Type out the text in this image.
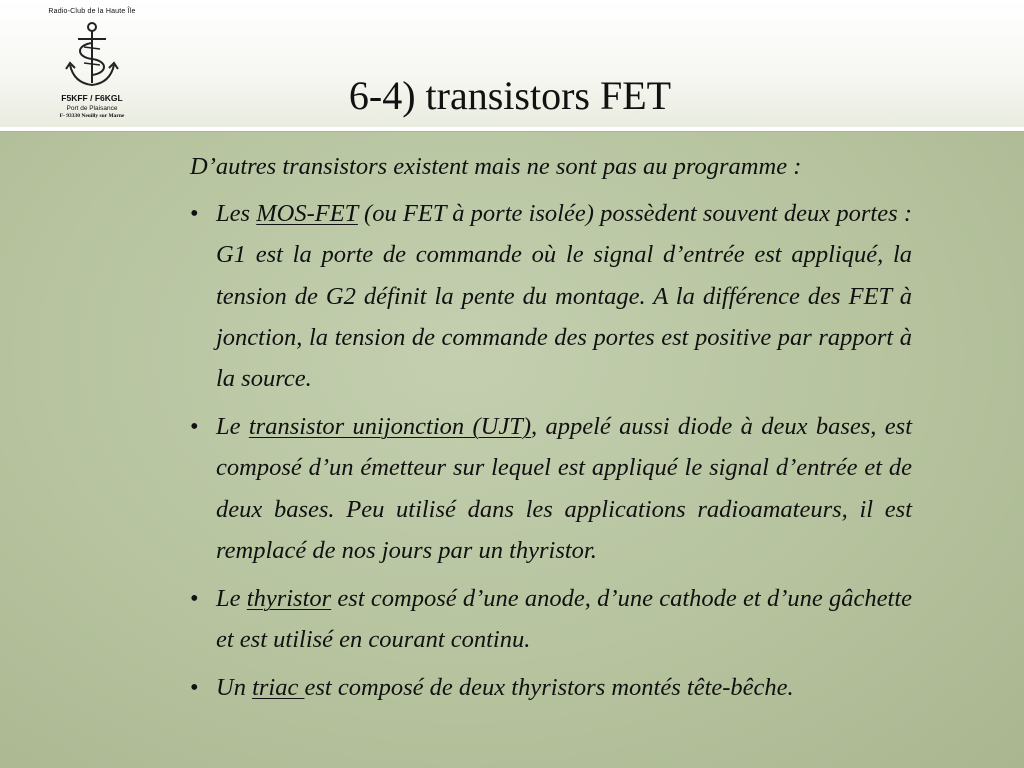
Radio-Club de la Haute Île
F5KFF / F6KGL
Port de Plaisance
F- 93330 Neuilly sur Marne	6-4) transistors FET

D’autres transistors existent mais ne sont pas au programme :

• Les MOS-FET (ou FET à porte isolée) possèdent souvent deux portes : G1 est la porte de commande où le signal d’entrée est appliqué, la tension de G2 définit la pente du montage. A la différence des FET à jonction, la tension de commande des portes est positive par rapport à la source.

• Le transistor unijonction (UJT), appelé aussi diode à deux bases, est composé d’un émetteur sur lequel est appliqué le signal d’entrée et de deux bases. Peu utilisé dans les applications radioamateurs, il est remplacé de nos jours par un thyristor.

• Le thyristor est composé d’une anode, d’une cathode et d’une gâchette et est utilisé en courant continu.

• Un triac est composé de deux thyristors montés tête-bêche.
